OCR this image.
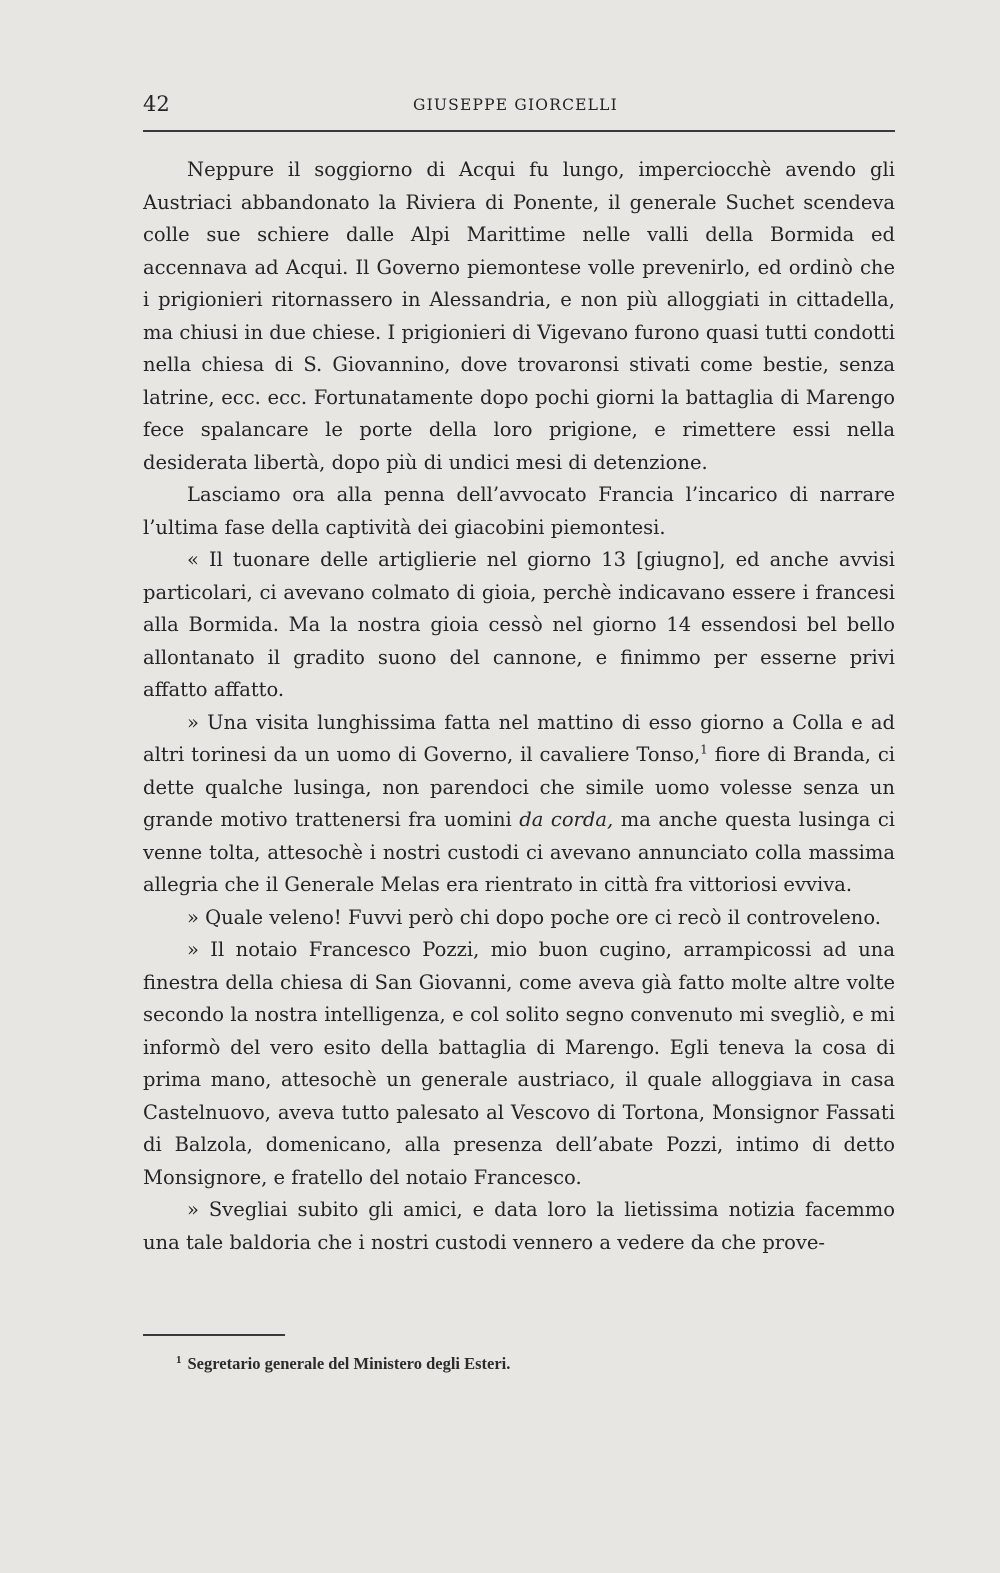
42	GIUSEPPE GIORCELLI

Neppure il soggiorno di Acqui fu lungo, imperciocchè avendo gli Austriaci abbandonato la Riviera di Ponente, il generale Suchet scendeva colle sue schiere dalle Alpi Marittime nelle valli della Bormida ed accennava ad Acqui. Il Governo piemontese volle prevenirlo, ed ordinò che i prigionieri ritornassero in Alessandria, e non più alloggiati in cittadella, ma chiusi in due chiese. I prigionieri di Vigevano furono quasi tutti condotti nella chiesa di S. Giovannino, dove trovaronsi stivati come bestie, senza latrine, ecc. ecc. Fortunatamente dopo pochi giorni la battaglia di Marengo fece spalancare le porte della loro prigione, e rimettere essi nella desiderata libertà, dopo più di undici mesi di detenzione.

Lasciamo ora alla penna dell’avvocato Francia l’incarico di narrare l’ultima fase della captività dei giacobini piemontesi.

« Il tuonare delle artiglierie nel giorno 13 [giugno], ed anche avvisi particolari, ci avevano colmato di gioia, perchè indicavano essere i francesi alla Bormida. Ma la nostra gioia cessò nel giorno 14 essendosi bel bello allontanato il gradito suono del cannone, e finimmo per esserne privi affatto affatto.

» Una visita lunghissima fatta nel mattino di esso giorno a Colla e ad altri torinesi da un uomo di Governo, il cavaliere Tonso,$^1$ fiore di Branda, ci dette qualche lusinga, non parendoci che simile uomo volesse senza un grande motivo trattenersi fra uomini da corda, ma anche questa lusinga ci venne tolta, attesochè i nostri custodi ci avevano annunciato colla massima allegria che il Generale Melas era rientrato in città fra vittoriosi evviva.

» Quale veleno! Fuvvi però chi dopo poche ore ci recò il controveleno.

» Il notaio Francesco Pozzi, mio buon cugino, arrampicossi ad una finestra della chiesa di San Giovanni, come aveva già fatto molte altre volte secondo la nostra intelligenza, e col solito segno convenuto mi svegliò, e mi informò del vero esito della battaglia di Marengo. Egli teneva la cosa di prima mano, attesochè un generale austriaco, il quale alloggiava in casa Castelnuovo, aveva tutto palesato al Vescovo di Tortona, Monsignor Fassati di Balzola, domenicano, alla presenza dell’abate Pozzi, intimo di detto Monsignore, e fratello del notaio Francesco.

» Svegliai subito gli amici, e data loro la lietissima notizia facemmo una tale baldoria che i nostri custodi vennero a vedere da che prove-

$^1$ Segretario generale del Ministero degli Esteri.
